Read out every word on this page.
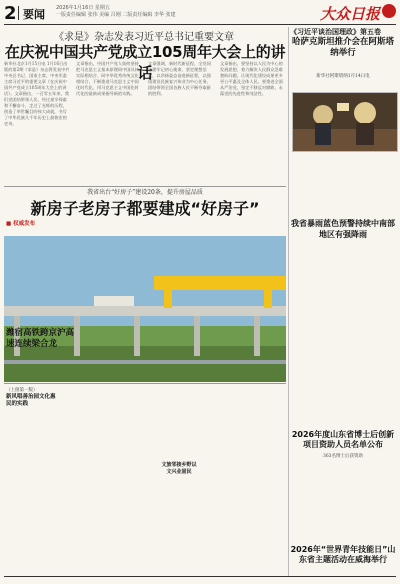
2 要闻 2026年1月16日 星期五
一版责任编辑 张伟 美编 吕刚 二版责任编辑 李华 张建	大众日报
《求是》杂志发表习近平总书记重要文章
在庆祝中国共产党成立105周年大会上的讲话
新华社北京1月15日电 1月16日出版的第2期《求是》杂志将发表中共中央总书记、国家主席、中央军委主席习近平的重要文章《在庆祝中国共产党成立105周年大会上的讲话》。文章指出，一百零五年来，我们党团结带领人民，经过艰辛探索和不懈奋斗，走过了光辉的历程，创造了举世瞩目的伟大成就，书写了中华民族几千年历史上最恢宏的史诗。
文章指出，中国共产党人始终坚持把马克思主义基本原理同中国具体实际相结合、同中华优秀传统文化相结合，不断推进马克思主义中国化时代化，用马克思主义中国化时代化的最新成果指导新的实践。
文章强调，新时代新征程，全党同志要牢记初心使命，坚定理想信念，以昂扬姿态奋进新征程，以强国建设民族复兴伟业为中心任务，团结带领全国各族人民不断夺取新的胜利。
文章指出，要坚持以人民为中心的发展思想，着力解决人民群众急难愁盼问题，让现代化建设成果更多更公平惠及全体人民。要推进全面从严治党，坚定不移反对腐败，永葆党的先进性和纯洁性。
《习近平谈治国理政》第五卷
哈萨克斯坦推介会在阿斯塔纳举行
新华社阿斯塔纳1月14日电
我省出台“好房子”建设20条，提升房屋品质
新房子老房子都要建成“好房子”
■ 权威发布
潍宿高铁跨京沪高速连续梁合龙
我省暴雨蓝色预警持续中南部地区有强降雨
2026年度山东省博士后创新项目资助人员名单公布
363名博士后获资助
2026年“世界青年技能日”山东省主题活动在威海举行
（上接第一版）
新风唱善治园文化惠民的实践
文旅邻接乡野以文兴业固民
